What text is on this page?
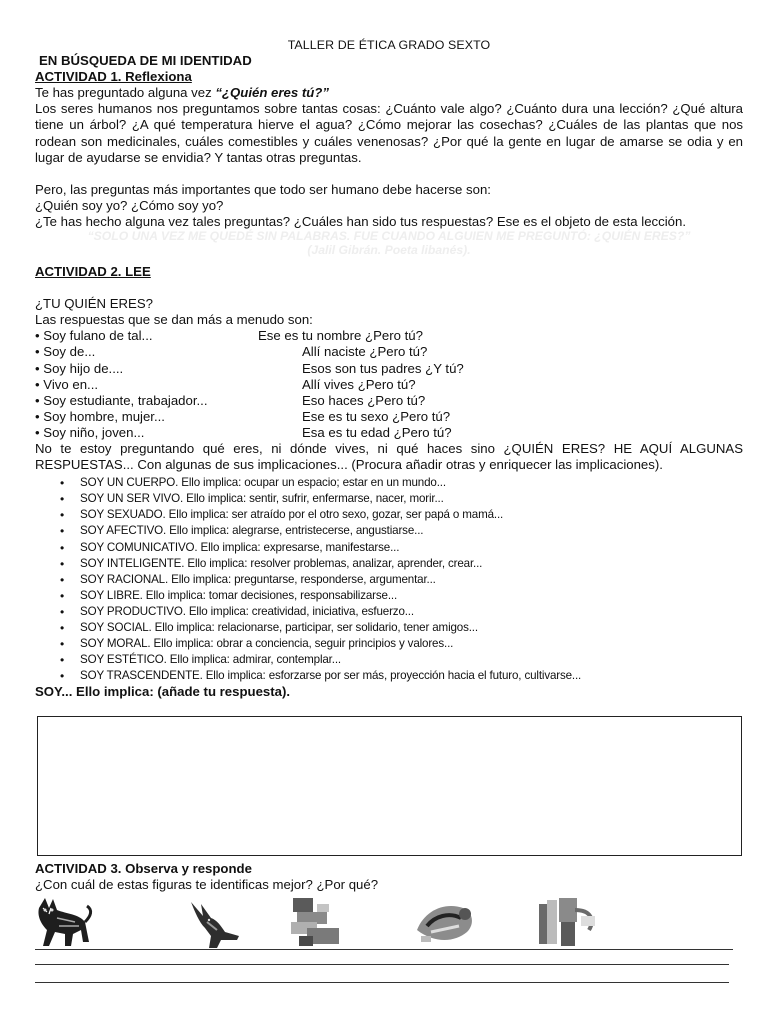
TALLER DE ÉTICA GRADO SEXTO
EN BÚSQUEDA DE MI IDENTIDAD
ACTIVIDAD 1. Reflexiona

Te has preguntado alguna vez “¿Quién eres tú?”

Los seres humanos nos preguntamos sobre tantas cosas: ¿Cuánto vale algo? ¿Cuánto dura una lección? ¿Qué altura tiene un árbol? ¿A qué temperatura hierve el agua? ¿Cómo mejorar las cosechas? ¿Cuáles de las plantas que nos rodean son medicinales, cuáles comestibles y cuáles venenosas? ¿Por qué la gente en lugar de amarse se odia y en lugar de ayudarse se envidia? Y tantas otras preguntas.

Pero, las preguntas más importantes que todo ser humano debe hacerse son:

¿Quién soy yo? ¿Cómo soy yo?

¿Te has hecho alguna vez tales preguntas? ¿Cuáles han sido tus respuestas? Ese es el objeto de esta lección.

“SOLO UNA VEZ ME QUEDÉ SIN PALABRAS. FUE CUANDO ALGUIEN ME PREGUNTÓ: ¿QUIÉN ERES?”
(Jalil Gibrán. Poeta libanés).
ACTIVIDAD 2. LEE

¿TU QUIÉN ERES?

Las respuestas que se dan más a menudo son:

• Soy fulano de tal...	Ese es tu nombre ¿Pero tú?
• Soy de...	Allí naciste ¿Pero tú?
• Soy hijo de....	Esos son tus padres ¿Y tú?
• Vivo en...	Allí vives ¿Pero tú?
• Soy estudiante, trabajador...	Eso haces ¿Pero tú?
• Soy hombre, mujer...	Ese es tu sexo ¿Pero tú?
• Soy niño, joven...	Esa es tu edad ¿Pero tú?

No te estoy preguntando qué eres, ni dónde vives, ni qué haces sino ¿QUIÉN ERES? HE AQUÍ ALGUNAS RESPUESTAS... Con algunas de sus implicaciones... (Procura añadir otras y enriquecer las implicaciones).

• SOY UN CUERPO. Ello implica: ocupar un espacio; estar en un mundo...
• SOY UN SER VIVO. Ello implica: sentir, sufrir, enfermarse, nacer, morir...
• SOY SEXUADO. Ello implica: ser atraído por el otro sexo, gozar, ser papá o mamá...
• SOY AFECTIVO. Ello implica: alegrarse, entristecerse, angustiarse...
• SOY COMUNICATIVO. Ello implica: expresarse, manifestarse...
• SOY INTELIGENTE. Ello implica: resolver problemas, analizar, aprender, crear...
• SOY RACIONAL. Ello implica: preguntarse, responderse, argumentar...
• SOY LIBRE. Ello implica: tomar decisiones, responsabilizarse...
• SOY PRODUCTIVO. Ello implica: creatividad, iniciativa, esfuerzo...
• SOY SOCIAL. Ello implica: relacionarse, participar, ser solidario, tener amigos...
• SOY MORAL. Ello implica: obrar a conciencia, seguir principios y valores...
• SOY ESTÉTICO. Ello implica: admirar, contemplar...
• SOY TRASCENDENTE. Ello implica: esforzarse por ser más, proyección hacia el futuro, cultivarse...
SOY... Ello implica: (añade tu respuesta).
ACTIVIDAD 3. Observa y responde
¿Con cuál de estas figuras te identificas mejor? ¿Por qué?
